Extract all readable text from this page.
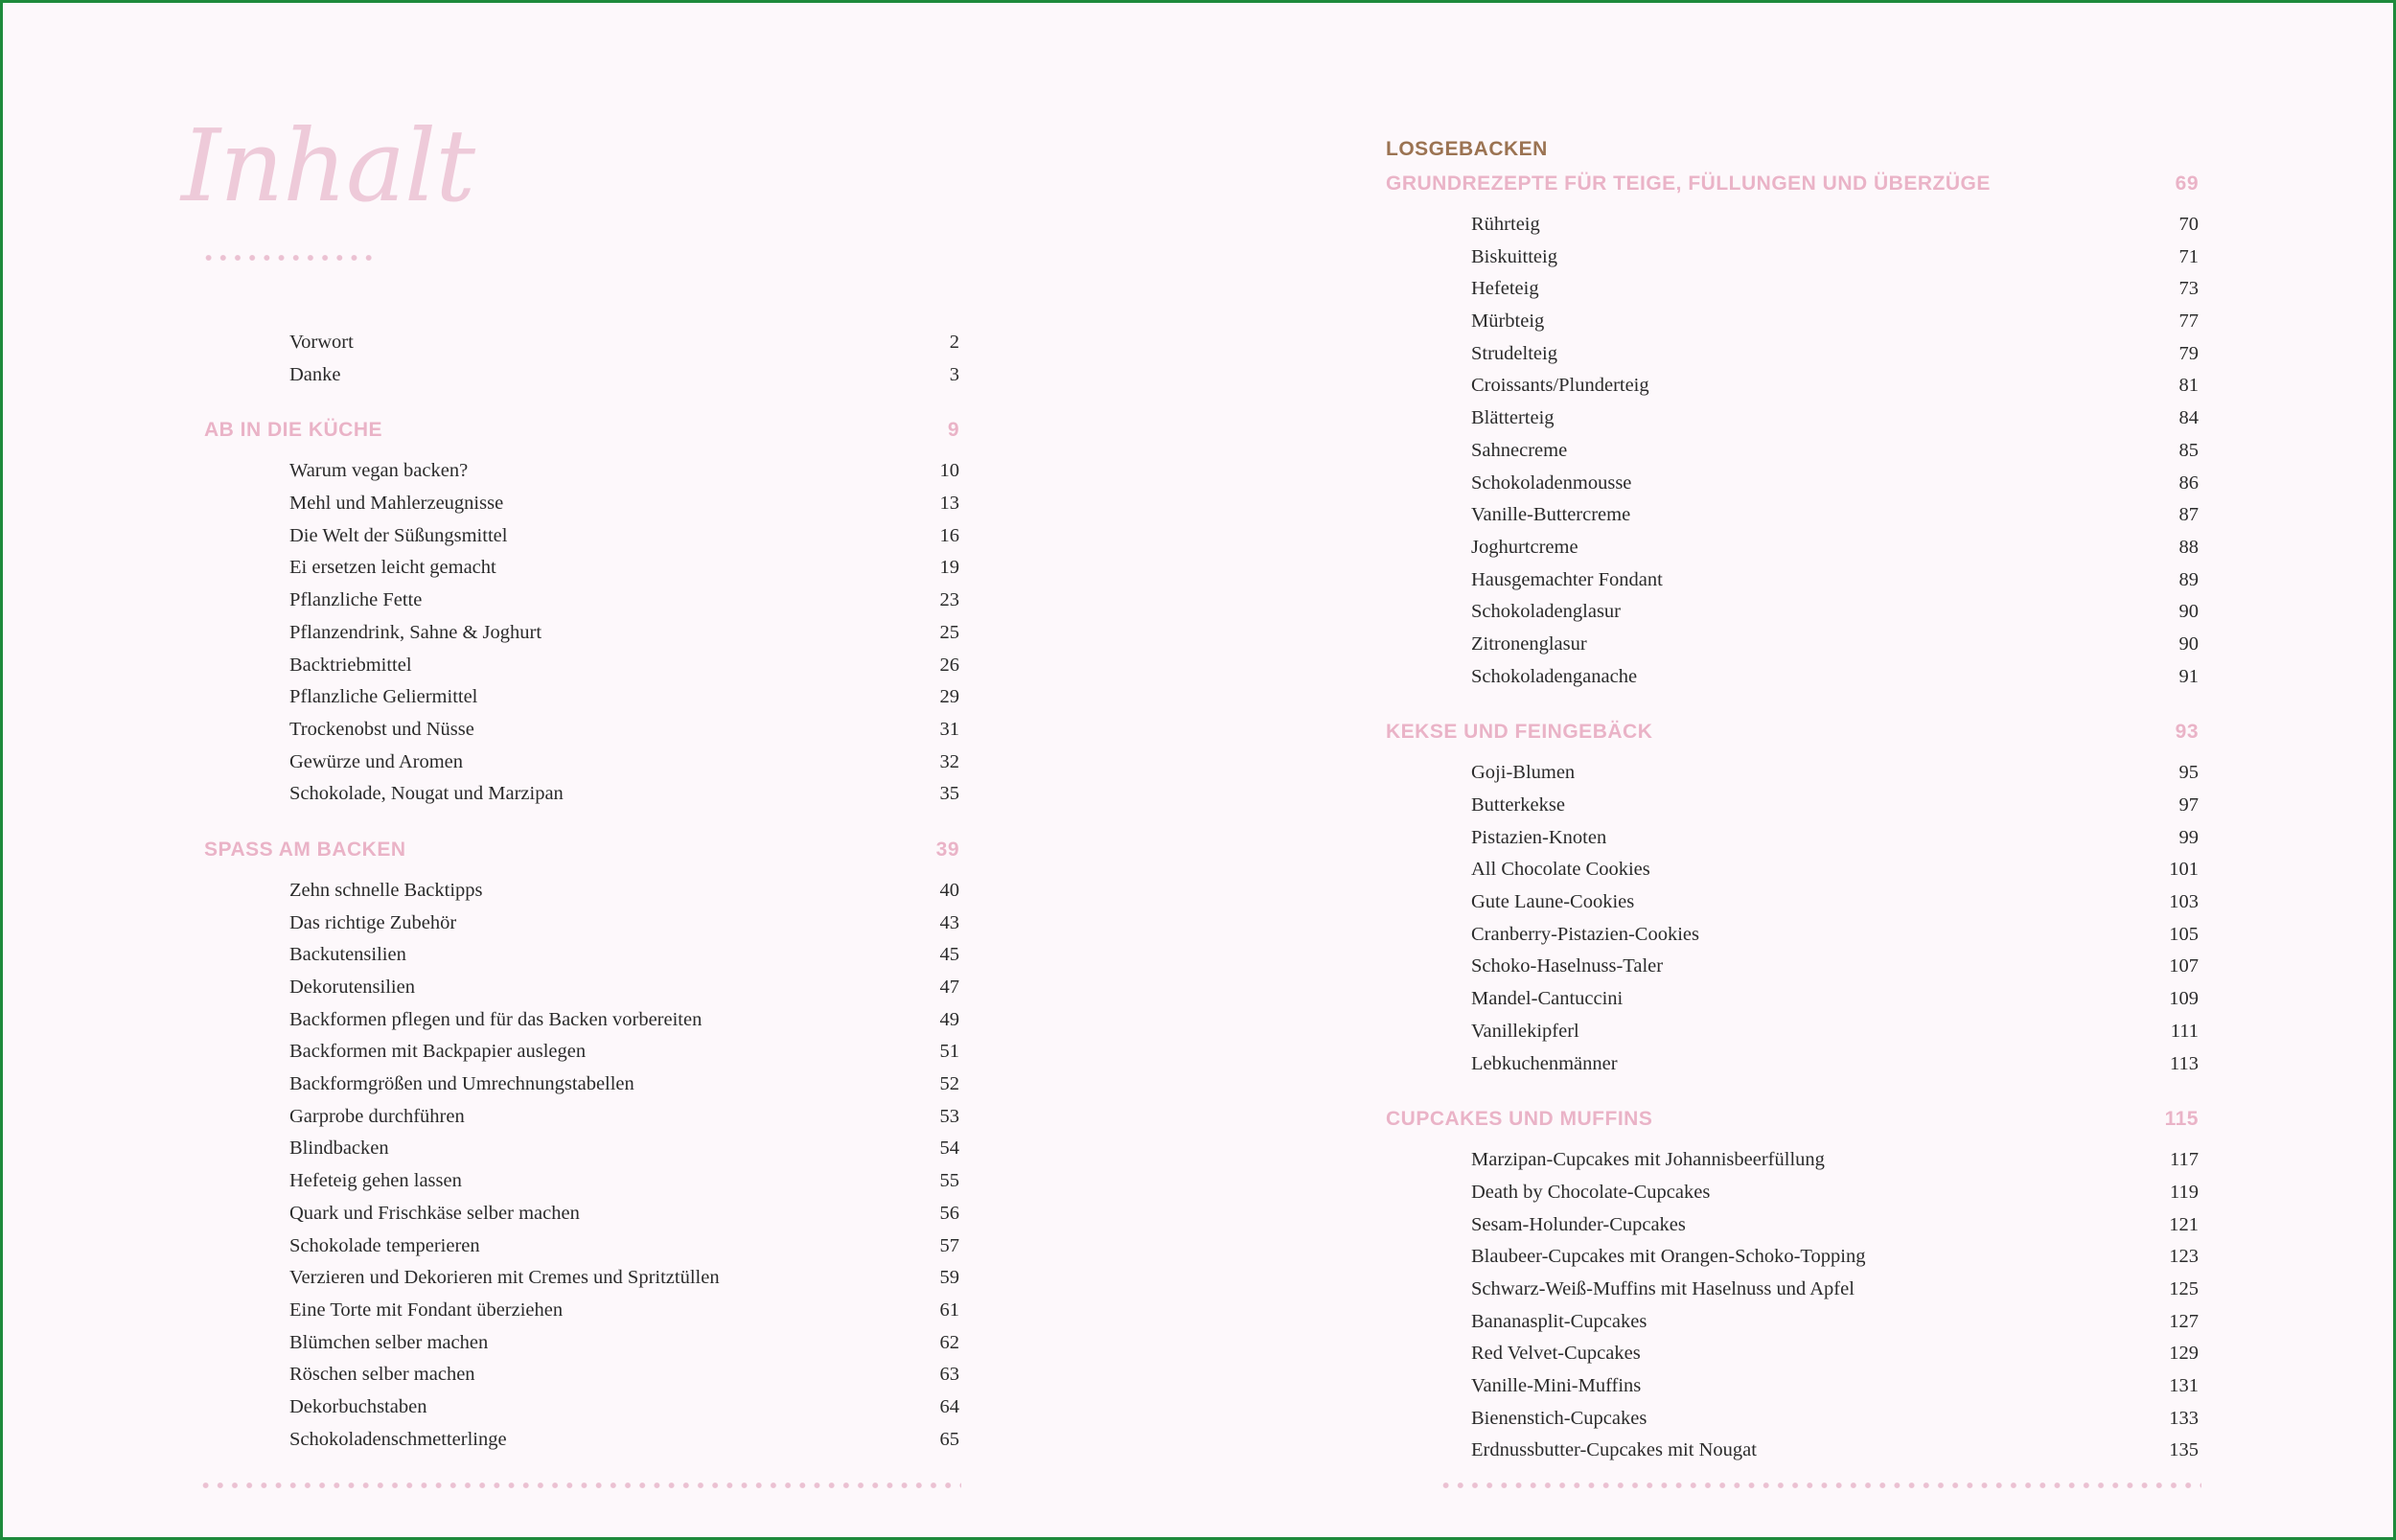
Inhalt
Vorwort	2
Danke	3
AB IN DIE KÜCHE	9
Warum vegan backen?	10
Mehl und Mahlerzeugnisse	13
Die Welt der Süßungsmittel	16
Ei ersetzen leicht gemacht	19
Pflanzliche Fette	23
Pflanzendrink, Sahne & Joghurt	25
Backtriebmittel	26
Pflanzliche Geliermittel	29
Trockenobst und Nüsse	31
Gewürze und Aromen	32
Schokolade, Nougat und Marzipan	35
SPASS AM BACKEN	39
Zehn schnelle Backtipps	40
Das richtige Zubehör	43
Backutensilien	45
Dekorutensilien	47
Backformen pflegen und für das Backen vorbereiten	49
Backformen mit Backpapier auslegen	51
Backformgrößen und Umrechnungstabellen	52
Garprobe durchführen	53
Blindbacken	54
Hefeteig gehen lassen	55
Quark und Frischkäse selber machen	56
Schokolade temperieren	57
Verzieren und Dekorieren mit Cremes und Spritztüllen	59
Eine Torte mit Fondant überziehen	61
Blümchen selber machen	62
Röschen selber machen	63
Dekorbuchstaben	64
Schokoladenschmetterlinge	65
LOSGEBACKEN
GRUNDREZEPTE FÜR TEIGE, FÜLLUNGEN UND ÜBERZÜGE	69
Rührteig	70
Biskuitteig	71
Hefeteig	73
Mürbteig	77
Strudelteig	79
Croissants/Plunderteig	81
Blätterteig	84
Sahnecreme	85
Schokoladenmousse	86
Vanille-Buttercreme	87
Joghurtcreme	88
Hausgemachter Fondant	89
Schokoladenglasur	90
Zitronenglasur	90
Schokoladenganache	91
KEKSE UND FEINGEBÄCK	93
Goji-Blumen	95
Butterkekse	97
Pistazien-Knoten	99
All Chocolate Cookies	101
Gute Laune-Cookies	103
Cranberry-Pistazien-Cookies	105
Schoko-Haselnuss-Taler	107
Mandel-Cantuccini	109
Vanillekipferl	111
Lebkuchenmänner	113
CUPCAKES UND MUFFINS	115
Marzipan-Cupcakes mit Johannisbeerfüllung	117
Death by Chocolate-Cupcakes	119
Sesam-Holunder-Cupcakes	121
Blaubeer-Cupcakes mit Orangen-Schoko-Topping	123
Schwarz-Weiß-Muffins mit Haselnuss und Apfel	125
Bananasplit-Cupcakes	127
Red Velvet-Cupcakes	129
Vanille-Mini-Muffins	131
Bienenstich-Cupcakes	133
Erdnussbutter-Cupcakes mit Nougat	135
